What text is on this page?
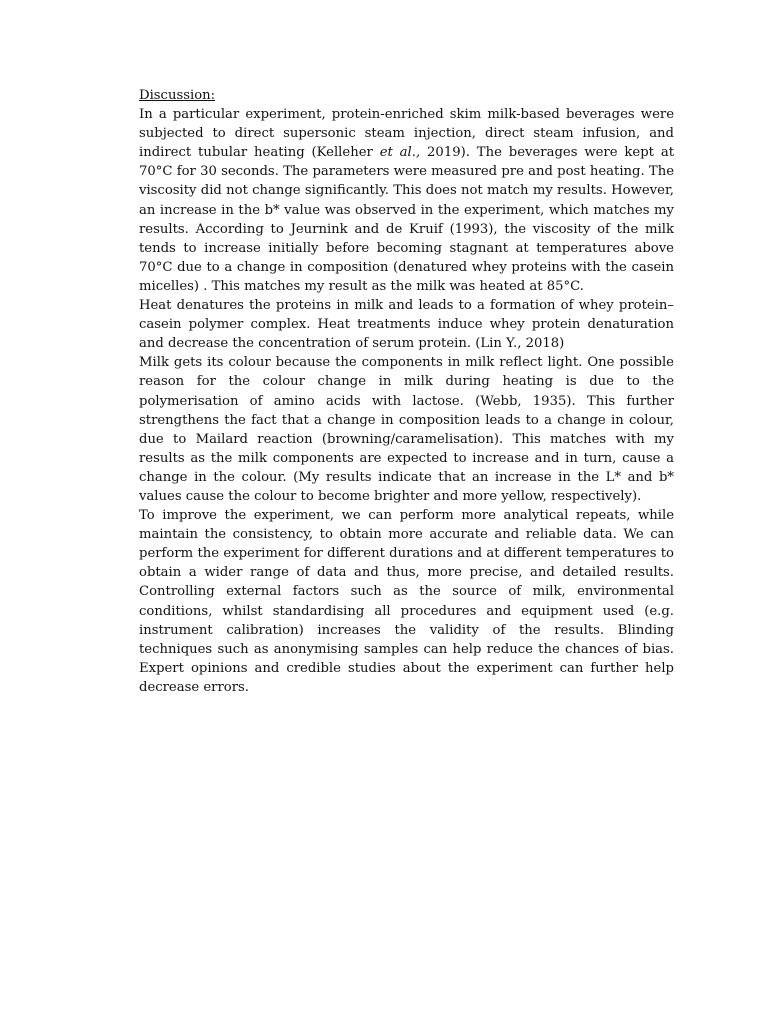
Discussion:

In a particular experiment, protein-enriched skim milk-based beverages were subjected to direct supersonic steam injection, direct steam infusion, and indirect tubular heating (Kelleher et al., 2019). The beverages were kept at 70°C for 30 seconds. The parameters were measured pre and post heating. The viscosity did not change significantly. This does not match my results. However, an increase in the b* value was observed in the experiment, which matches my results. According to Jeurnink and de Kruif (1993), the viscosity of the milk tends to increase initially before becoming stagnant at temperatures above 70°C due to a change in composition (denatured whey proteins with the casein micelles) . This matches my result as the milk was heated at 85°C.

Heat denatures the proteins in milk and leads to a formation of whey protein–casein polymer complex. Heat treatments induce whey protein denaturation and decrease the concentration of serum protein. (Lin Y., 2018)

Milk gets its colour because the components in milk reflect light. One possible reason for the colour change in milk during heating is due to the polymerisation of amino acids with lactose. (Webb, 1935). This further strengthens the fact that a change in composition leads to a change in colour, due to Mailard reaction (browning/caramelisation). This matches with my results as the milk components are expected to increase and in turn, cause a change in the colour. (My results indicate that an increase in the L* and b* values cause the colour to become brighter and more yellow, respectively).

To improve the experiment, we can perform more analytical repeats, while maintain the consistency, to obtain more accurate and reliable data. We can perform the experiment for different durations and at different temperatures to obtain a wider range of data and thus, more precise, and detailed results. Controlling external factors such as the source of milk, environmental conditions, whilst standardising all procedures and equipment used (e.g. instrument calibration) increases the validity of the results. Blinding techniques such as anonymising samples can help reduce the chances of bias. Expert opinions and credible studies about the experiment can further help decrease errors.
